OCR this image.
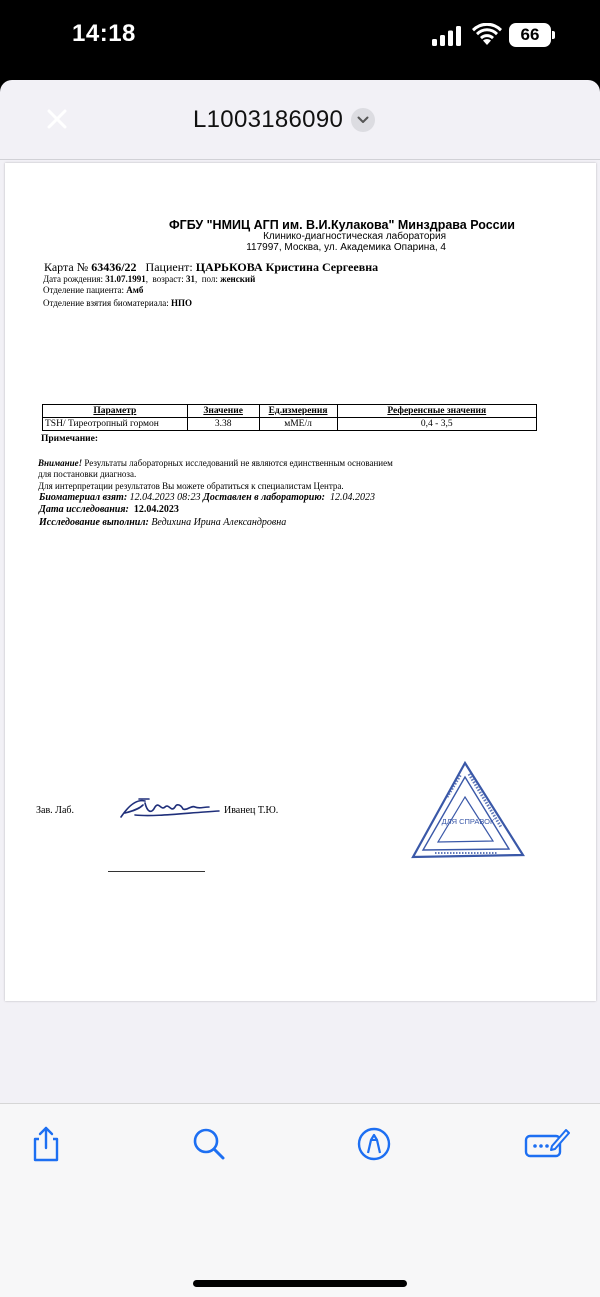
14:18	66
L1003186090
ФГБУ "НМИЦ АГП им. В.И.Кулакова" Минздрава России
Клинико-диагностическая лаборатория
117997, Москва, ул. Академика Опарина, 4
Карта № 63436/22 Пациент: ЦАРЬКОВА Кристина Сергеевна
Дата рождения: 31.07.1991,  возраст: 31,  пол: женский
Отделение пациента: Амб
Отделение взятия биоматериала: НПО
Параметр	Значение	Ед.измерения	Референсные значения
TSH/ Тиреотропный гормон	3.38	мМЕ/л	0,4 - 3,5
Примечание:
Внимание! Результаты лабораторных исследований не являются единственным основанием
для постановки диагноза.
Для интерпретации результатов Вы можете обратиться к специалистам Центра.
Биоматериал взят: 12.04.2023 08:23 Доставлен в лабораторию: 12.04.2023
Дата исследования: 12.04.2023
Исследование выполнил: Ведихина Ирина Александровна
Зав. Лаб.	Иванец Т.Ю.
ДЛЯ СПРАВОК
